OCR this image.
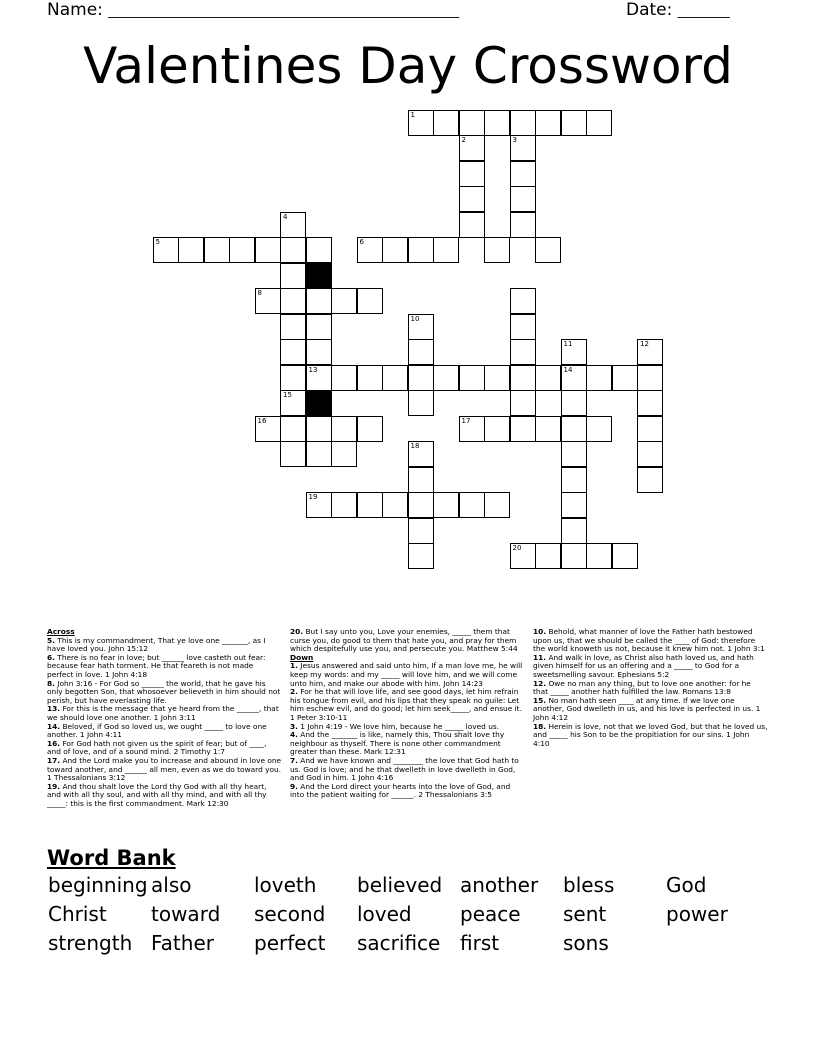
Name: ______________________________________________________	Date: ________
Valentines Day Crossword
1
2	3
4
5	6
13
8
10
11
14
12
15
16	17
18
19
20
Across
5. This is my commandment, That ye love one _______, as I have loved you. John 15:12
6. There is no fear in love; but ______ love casteth out fear: because fear hath torment. He that feareth is not made perfect in love. 1 John 4:18
8. John 3:16 - For God so ______ the world, that he gave his only begotten Son, that whosoever believeth in him should not perish, but have everlasting life.
13. For this is the message that ye heard from the ______, that we should love one another. 1 John 3:11
14. Beloved, if God so loved us, we ought _____ to love one another. 1 John 4:11
16. For God hath not given us the spirit of fear; but of ____, and of love, and of a sound mind. 2 Timothy 1:7
17. And the Lord make you to increase and abound in love one toward another, and ______ all men, even as we do toward you. 1 Thessalonians 3:12
19. And thou shalt love the Lord thy God with all thy heart, and with all thy soul, and with all thy mind, and with all thy _____: this is the first commandment. Mark 12:30
20. But I say unto you, Love your enemies, _____ them that curse you, do good to them that hate you, and pray for them which despitefully use you, and persecute you. Matthew 5:44
Down
1. Jesus answered and said unto him, If a man love me, he will keep my words: and my _____ will love him, and we will come unto him, and make our abode with him. John 14:23
2. For he that will love life, and see good days, let him refrain his tongue from evil, and his lips that they speak no guile: Let him eschew evil, and do good; let him seek_____, and ensue it. 1 Peter 3:10-11
3. 1 John 4:19 - We love him, because he _____ loved us.
4. And the _______ is like, namely this, Thou shalt love thy neighbour as thyself. There is none other commandment greater than these. Mark 12:31
7. And we have known and ________ the love that God hath to us. God is love; and he that dwelleth in love dwelleth in God, and God in him. 1 John 4:16
9. And the Lord direct your hearts into the love of God, and into the patient waiting for ______. 2 Thessalonians 3:5
10. Behold, what manner of love the Father hath bestowed upon us, that we should be called the ____ of God: therefore the world knoweth us not, because it knew him not. 1 John 3:1
11. And walk in love, as Christ also hath loved us, and hath given himself for us an offering and a _____ to God for a sweetsmelling savour. Ephesians 5:2
12. Owe no man any thing, but to love one another: for he that _____ another hath fulfilled the law. Romans 13:8
15. No man hath seen ____ at any time. If we love one another, God dwelleth in us, and his love is perfected in us. 1 John 4:12
18. Herein is love, not that we loved God, but that he loved us, and _____ his Son to be the propitiation for our sins. 1 John 4:10
Word Bank
beginning also	loveth believed another bless	God
Christ toward second loved peace sent	power
strength Father perfect sacrifice first	sons
